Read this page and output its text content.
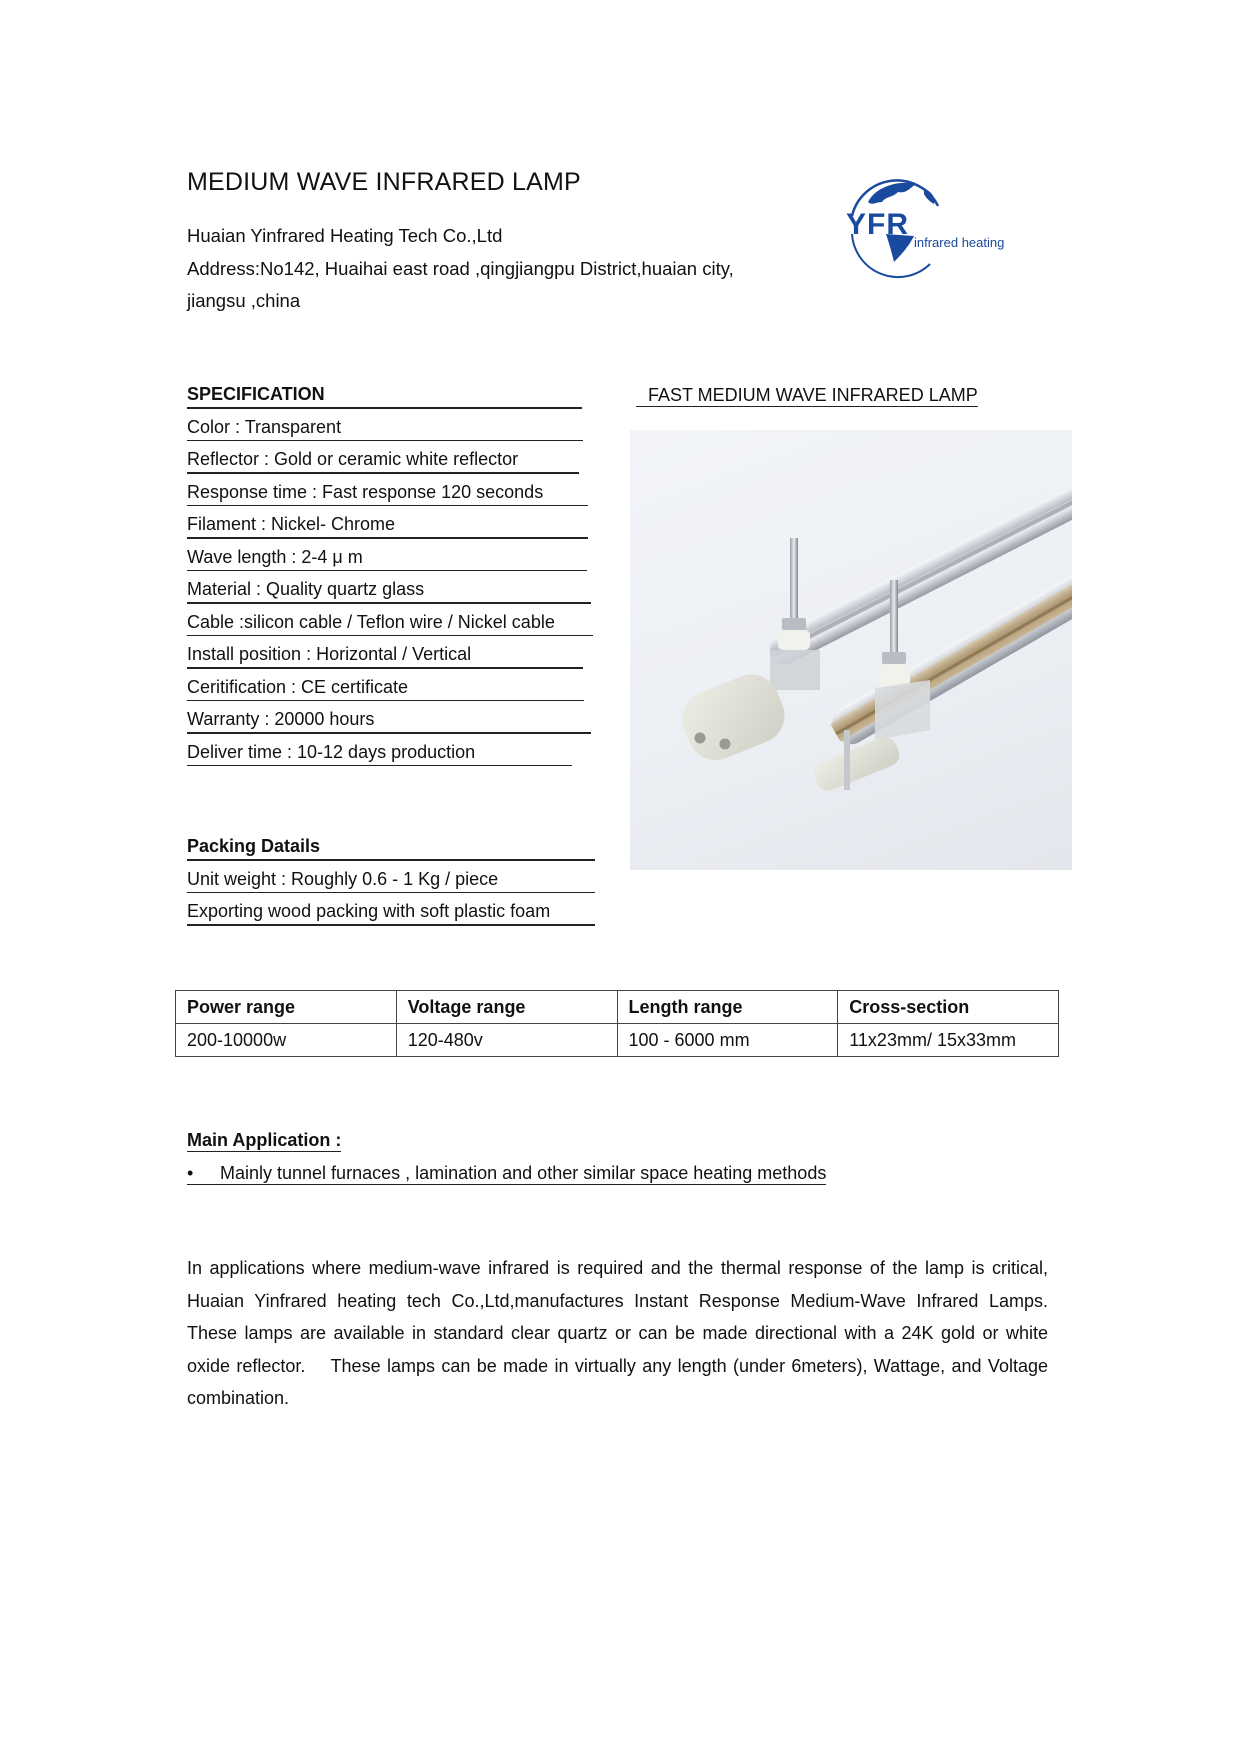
MEDIUM WAVE INFRARED LAMP
Huaian Yinfrared Heating Tech Co.,Ltd
Address:No142, Huaihai east road ,qingjiangpu District,huaian city,
jiangsu ,china
YFR
infrared heating
SPECIFICATION
Color : Transparent
Reflector : Gold or ceramic white reflector
Response time : Fast response 120 seconds
Filament : Nickel- Chrome
Wave length : 2-4 μ m
Material : Quality quartz glass
Cable :silicon cable / Teflon wire / Nickel cable
Install position : Horizontal / Vertical
Ceritification : CE certificate
Warranty : 20000 hours
Deliver time : 10-12 days production
Packing Datails
Unit weight : Roughly 0.6 - 1 Kg / piece
Exporting wood packing with soft plastic foam
FAST MEDIUM WAVE INFRARED LAMP
Power range	Voltage range	Length range	Cross-section
200-10000w	120-480v	100 - 6000 mm	11x23mm/ 15x33mm
Main Application :

• Mainly tunnel furnaces , lamination and other similar space heating methods

In applications where medium-wave infrared is required and the thermal response of the lamp is critical, Huaian Yinfrared heating tech Co.,Ltd,manufactures Instant Response Medium-Wave Infrared Lamps. These lamps are available in standard clear quartz or can be made directional with a 24K gold or white oxide reflector.    These lamps can be made in virtually any length (under 6meters), Wattage, and Voltage combination.
